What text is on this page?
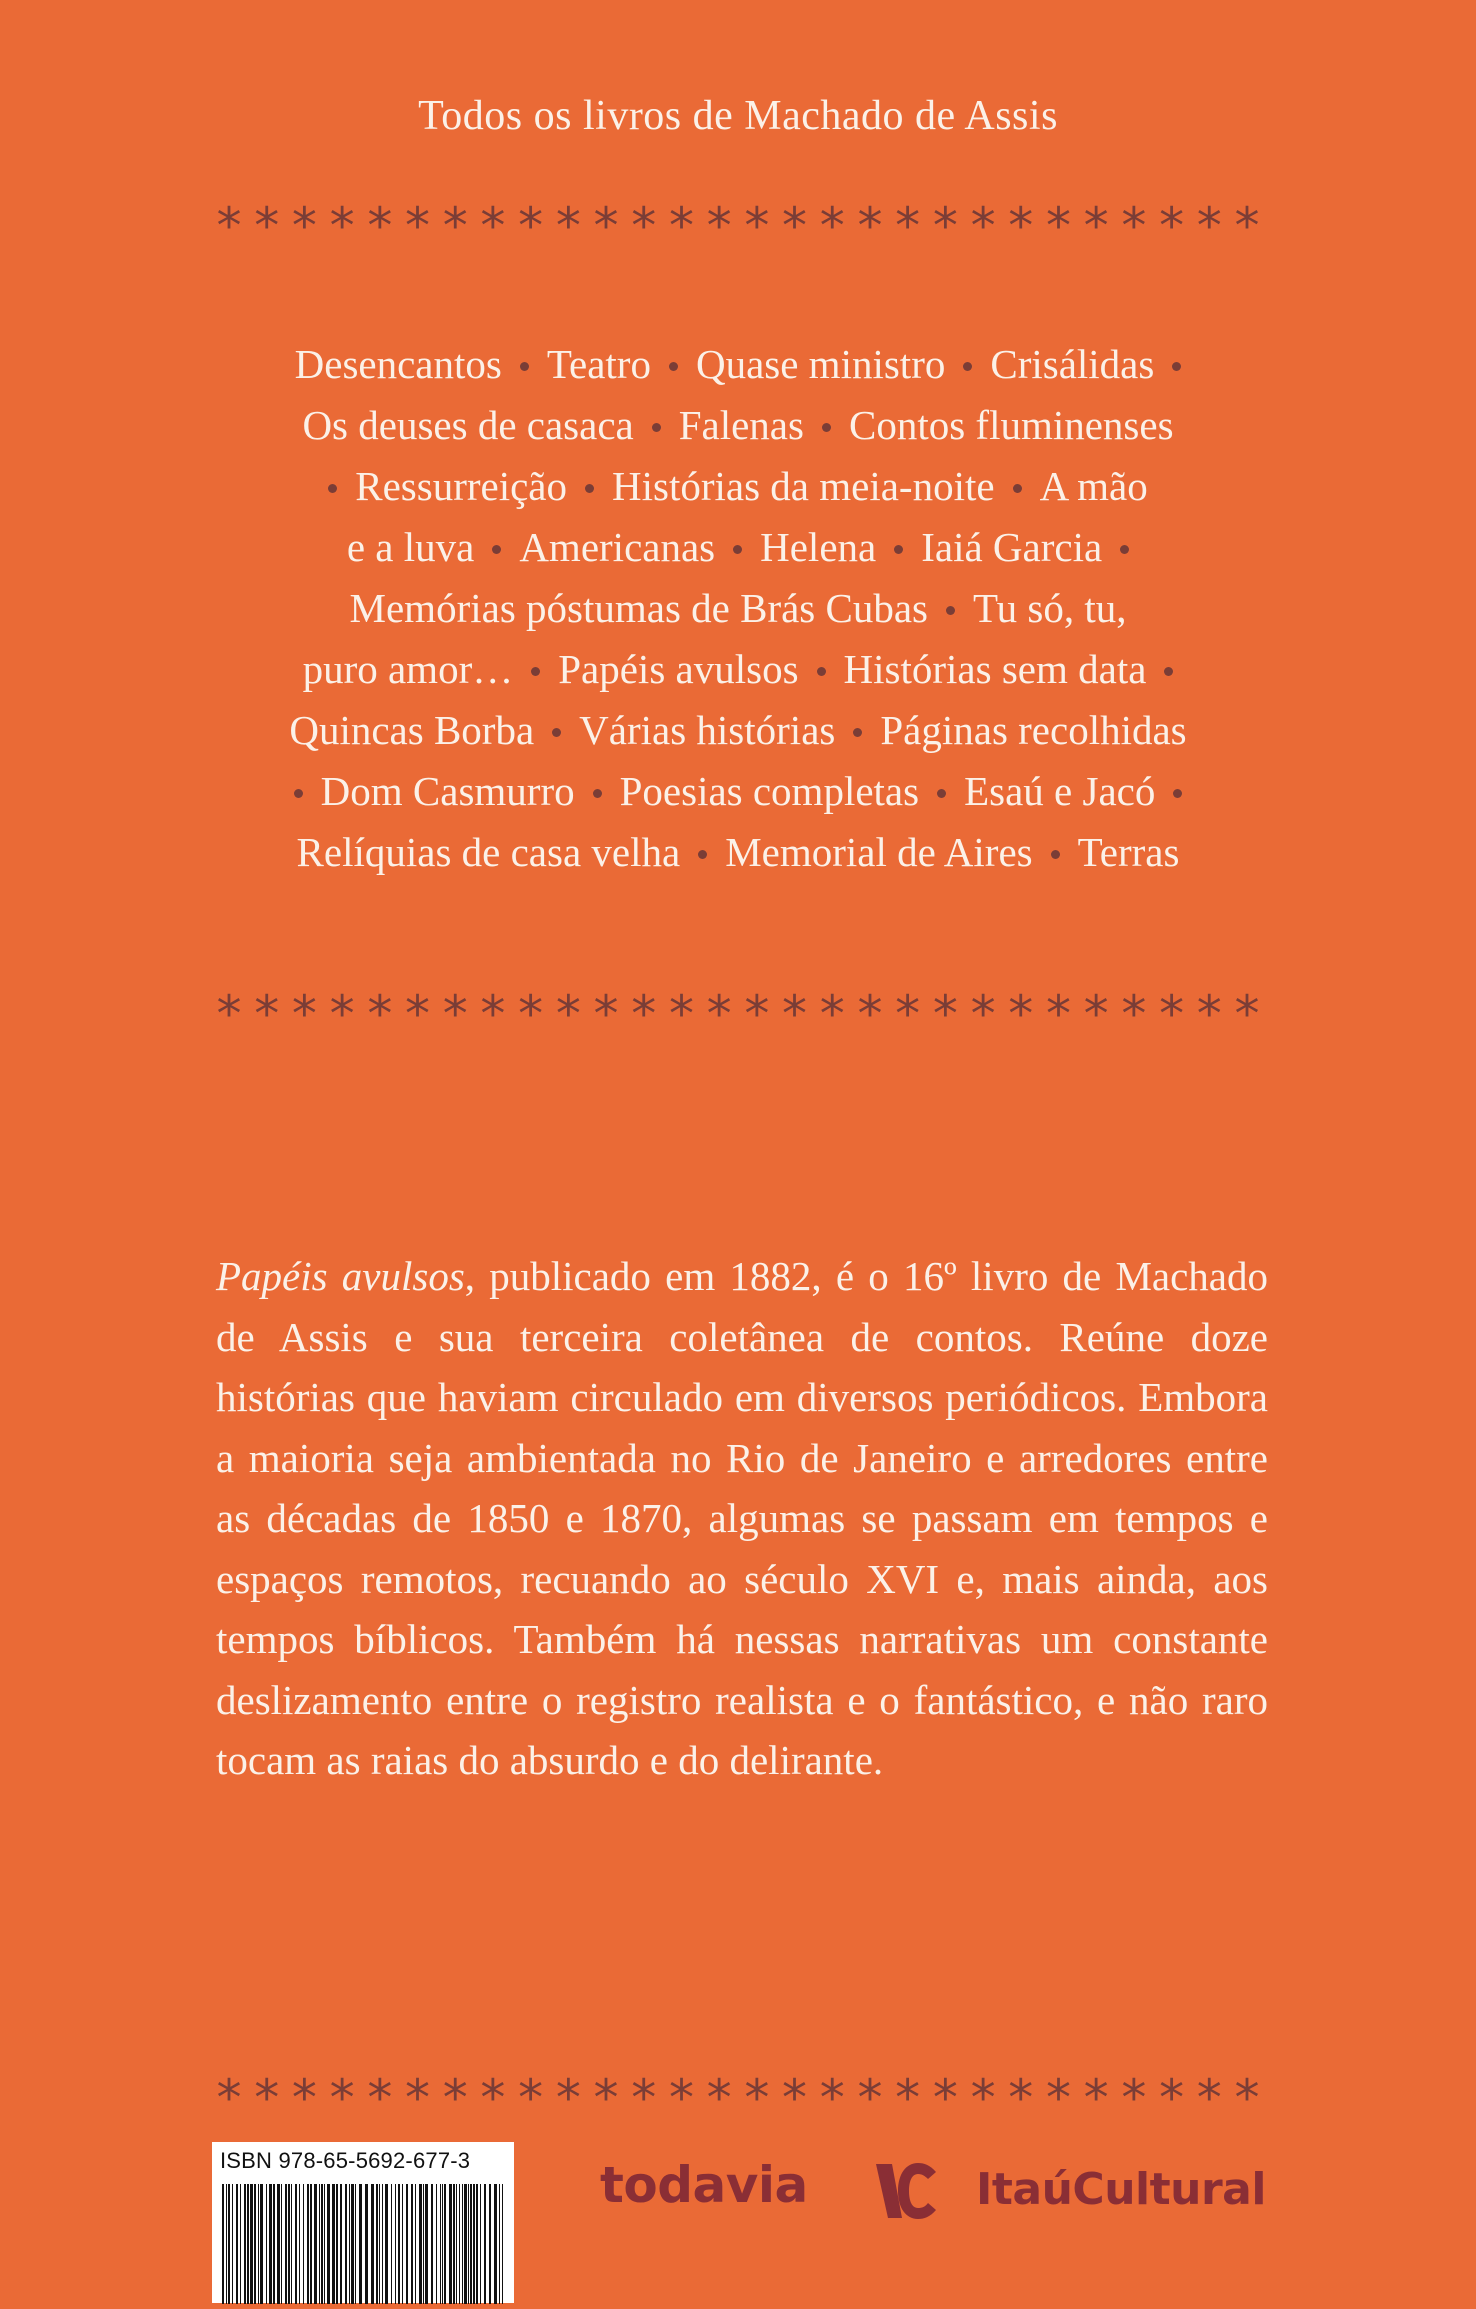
Todos os livros de Machado de Assis
* * * * * * * * * * * * * * * * * * * * * * * * * * * *
Desencantos Teatro Quase ministro Crisálidas
Os deuses de casaca Falenas Contos fluminenses
Ressurreição Histórias da meia-noite A mão
e a luva Americanas Helena Iaiá Garcia
Memórias póstumas de Brás Cubas Tu só, tu,
puro amor… Papéis avulsos Histórias sem data
Quincas Borba Várias histórias Páginas recolhidas
Dom Casmurro Poesias completas Esaú e Jacó
Relíquias de casa velha Memorial de Aires Terras
* * * * * * * * * * * * * * * * * * * * * * * * * * * *
Papéis avulsos, publicado em 1882, é o 16º livro de Machado de Assis e sua terceira coletânea de contos. Reúne doze histórias que haviam circulado em diversos periódicos. Embora a maioria seja ambientada no Rio de Janeiro e arredores entre as décadas de 1850 e 1870, algumas se passam em tempos e espaços remotos, recuando ao século XVI e, mais ainda, aos tempos bíblicos. Também há nessas narrativas um constante deslizamento entre o registro realista e o fantástico, e não raro tocam as raias do absurdo e do delirante.
* * * * * * * * * * * * * * * * * * * * * * * * * * * *
ISBN 978-65-5692-677-3	todavia	ItaúCultural
